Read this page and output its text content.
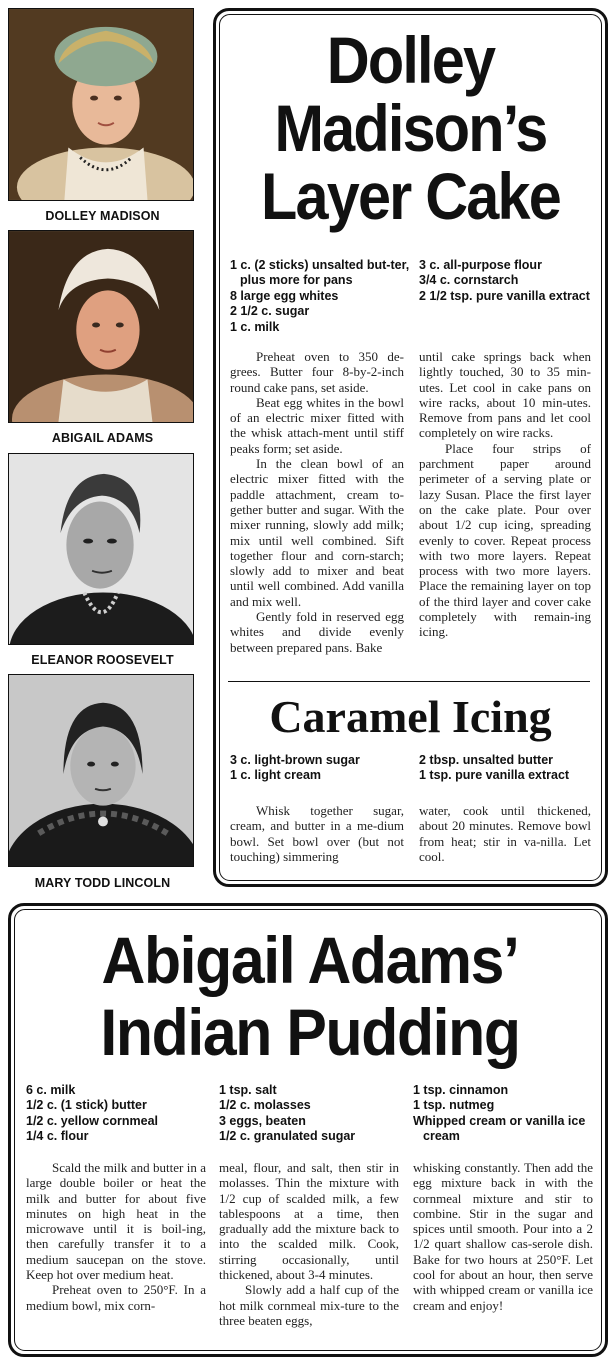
DOLLEY MADISON
ABIGAIL ADAMS
ELEANOR ROOSEVELT
MARY TODD LINCOLN
Dolley
Madison’s
Layer Cake
1 c. (2 sticks) unsalted but-ter, plus more for pans
8 large egg whites
2 1/2 c. sugar
1 c. milk
3 c. all-purpose flour
3/4 c. cornstarch
2 1/2 tsp. pure vanilla extract

Preheat oven to 350 de-grees. Butter four 8-by-2-inch round cake pans, set aside.

Beat egg whites in the bowl of an electric mixer fitted with the whisk attach-ment until stiff peaks form; set aside.

In the clean bowl of an electric mixer fitted with the paddle attachment, cream to-gether butter and sugar. With the mixer running, slowly add milk; mix until well combined. Sift together flour and corn-starch; slowly add to mixer and beat until well combined. Add vanilla and mix well.

Gently fold in reserved egg whites and divide evenly between prepared pans. Bake

until cake springs back when lightly touched, 30 to 35 min-utes. Let cool in cake pans on wire racks, about 10 min-utes. Remove from pans and let cool completely on wire racks.

Place four strips of parchment paper around perimeter of a serving plate or lazy Susan. Place the first layer on the cake plate. Pour over about 1/2 cup icing, spreading evenly to cover. Repeat process with two more layers. Repeat process with two more layers. Place the remaining layer on top of the third layer and cover cake completely with remain-ing icing.

Caramel Icing
3 c. light-brown sugar
1 c. light cream
2 tbsp. unsalted butter
1 tsp. pure vanilla extract

Whisk together sugar, cream, and butter in a me-dium bowl. Set bowl over (but not touching) simmering

water, cook until thickened, about 20 minutes. Remove bowl from heat; stir in va-nilla. Let cool.

Abigail Adams’
Indian Pudding
6 c. milk
1/2 c. (1 stick) butter
1/2 c. yellow cornmeal
1/4 c. flour
1 tsp. salt
1/2 c. molasses
3 eggs, beaten
1/2 c. granulated sugar
1 tsp. cinnamon
1 tsp. nutmeg
Whipped cream or vanilla ice cream

Scald the milk and butter in a large double boiler or heat the milk and butter for about five minutes on high heat in the microwave until it is boil-ing, then carefully transfer it to a medium saucepan on the stove. Keep hot over medium heat.

Preheat oven to 250°F. In a medium bowl, mix corn-

meal, flour, and salt, then stir in molasses. Thin the mixture with 1/2 cup of scalded milk, a few tablespoons at a time, then gradually add the mixture back to into the scalded milk. Cook, stirring occasionally, until thickened, about 3-4 minutes.

Slowly add a half cup of the hot milk cornmeal mix-ture to the three beaten eggs,

whisking constantly. Then add the egg mixture back in with the cornmeal mixture and stir to combine. Stir in the sugar and spices until smooth. Pour into a 2 1/2 quart shallow cas-serole dish. Bake for two hours at 250°F. Let cool for about an hour, then serve with whipped cream or vanilla ice cream and enjoy!
